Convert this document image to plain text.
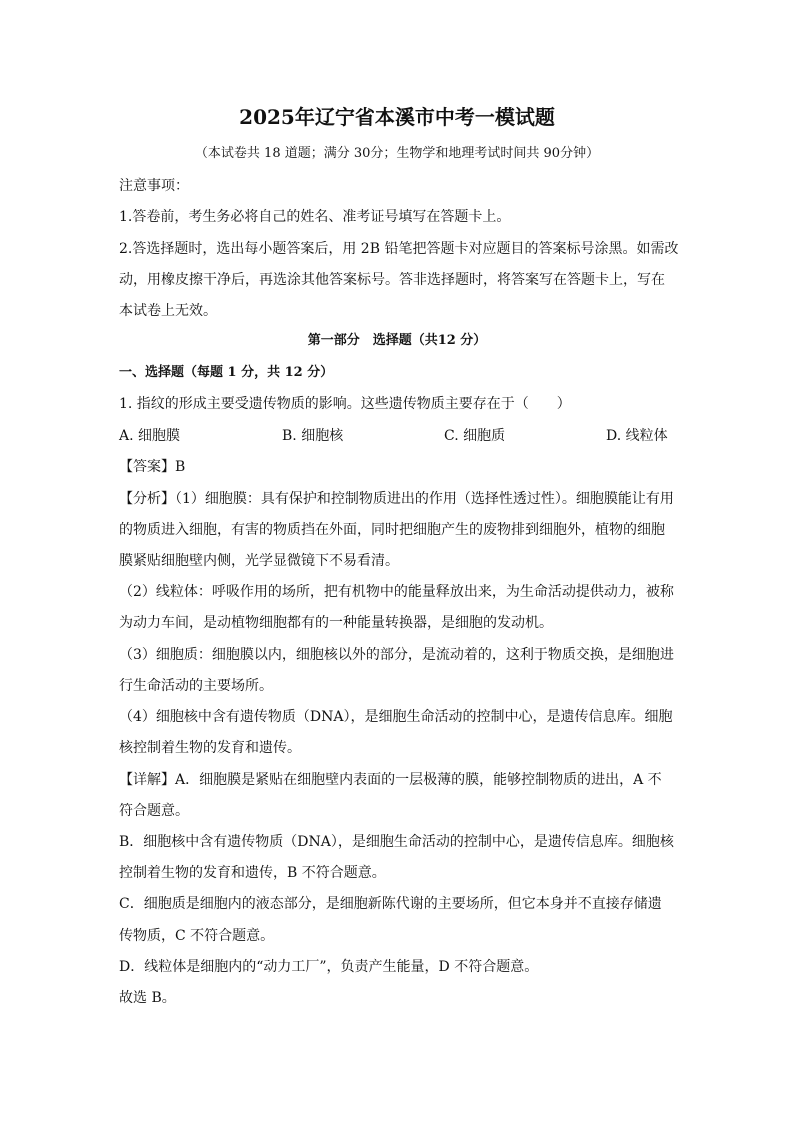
2025年辽宁省本溪市中考一模试题
（本试卷共 18 道题；满分 30分；生物学和地理考试时间共 90分钟）
注意事项：
1.答卷前，考生务必将自己的姓名、准考证号填写在答题卡上。
2.答选择题时，选出每小题答案后，用 2B 铅笔把答题卡对应题目的答案标号涂黑。如需改
动，用橡皮擦干净后，再选涂其他答案标号。答非选择题时，将答案写在答题卡上，写在
本试卷上无效。
第一部分　选择题（共12 分）
一、选择题（每题 1 分，共 12 分）
1. 指纹的形成主要受遗传物质的影响。这些遗传物质主要存在于（　　）
A. 细胞膜	B. 细胞核	C. 细胞质	D. 线粒体
【答案】B
【分析】（1）细胞膜：具有保护和控制物质进出的作用（选择性透过性）。细胞膜能让有用
的物质进入细胞，有害的物质挡在外面，同时把细胞产生的废物排到细胞外，植物的细胞
膜紧贴细胞壁内侧，光学显微镜下不易看清。
（2）线粒体：呼吸作用的场所，把有机物中的能量释放出来，为生命活动提供动力，被称
为动力车间，是动植物细胞都有的一种能量转换器，是细胞的发动机。
（3）细胞质：细胞膜以内，细胞核以外的部分，是流动着的，这利于物质交换，是细胞进
行生命活动的主要场所。
（4）细胞核中含有遗传物质（DNA），是细胞生命活动的控制中心，是遗传信息库。细胞
核控制着生物的发育和遗传。
【详解】A．细胞膜是紧贴在细胞壁内表面的一层极薄的膜，能够控制物质的进出，A 不
符合题意。
B．细胞核中含有遗传物质（DNA），是细胞生命活动的控制中心，是遗传信息库。细胞核
控制着生物的发育和遗传，B 不符合题意。
C．细胞质是细胞内的液态部分，是细胞新陈代谢的主要场所，但它本身并不直接存储遗
传物质，C 不符合题意。
D．线粒体是细胞内的“动力工厂”，负责产生能量，D 不符合题意。
故选 B。
